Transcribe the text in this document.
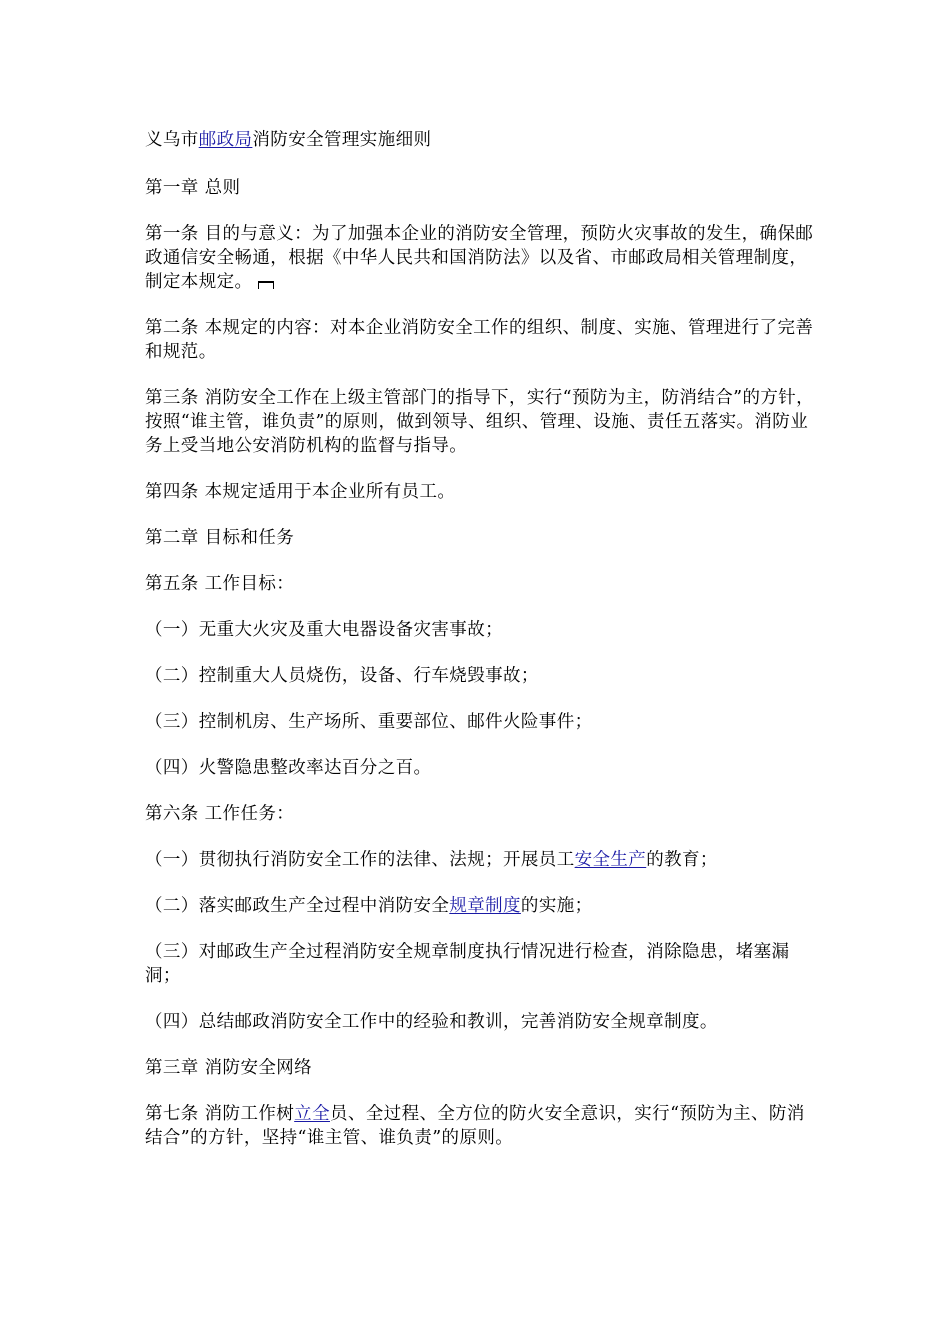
义乌市邮政局消防安全管理实施细则

第一章 总则

第一条 目的与意义：为了加强本企业的消防安全管理，预防火灾事故的发生，确保邮政通信安全畅通，根据《中华人民共和国消防法》以及省、市邮政局相关管理制度，制定本规定。

第二条 本规定的内容：对本企业消防安全工作的组织、制度、实施、管理进行了完善和规范。

第三条 消防安全工作在上级主管部门的指导下，实行“预防为主，防消结合”的方针，按照“谁主管，谁负责”的原则，做到领导、组织、管理、设施、责任五落实。消防业务上受当地公安消防机构的监督与指导。

第四条 本规定适用于本企业所有员工。

第二章 目标和任务

第五条 工作目标：

（一）无重大火灾及重大电器设备灾害事故；

（二）控制重大人员烧伤，设备、行车烧毁事故；

（三）控制机房、生产场所、重要部位、邮件火险事件；

（四）火警隐患整改率达百分之百。

第六条 工作任务：

（一）贯彻执行消防安全工作的法律、法规；开展员工安全生产的教育；

（二）落实邮政生产全过程中消防安全规章制度的实施；

（三）对邮政生产全过程消防安全规章制度执行情况进行检查，消除隐患，堵塞漏洞；

（四）总结邮政消防安全工作中的经验和教训，完善消防安全规章制度。

第三章 消防安全网络

第七条 消防工作树立全员、全过程、全方位的防火安全意识，实行“预防为主、防消结合”的方针，坚持“谁主管、谁负责”的原则。
